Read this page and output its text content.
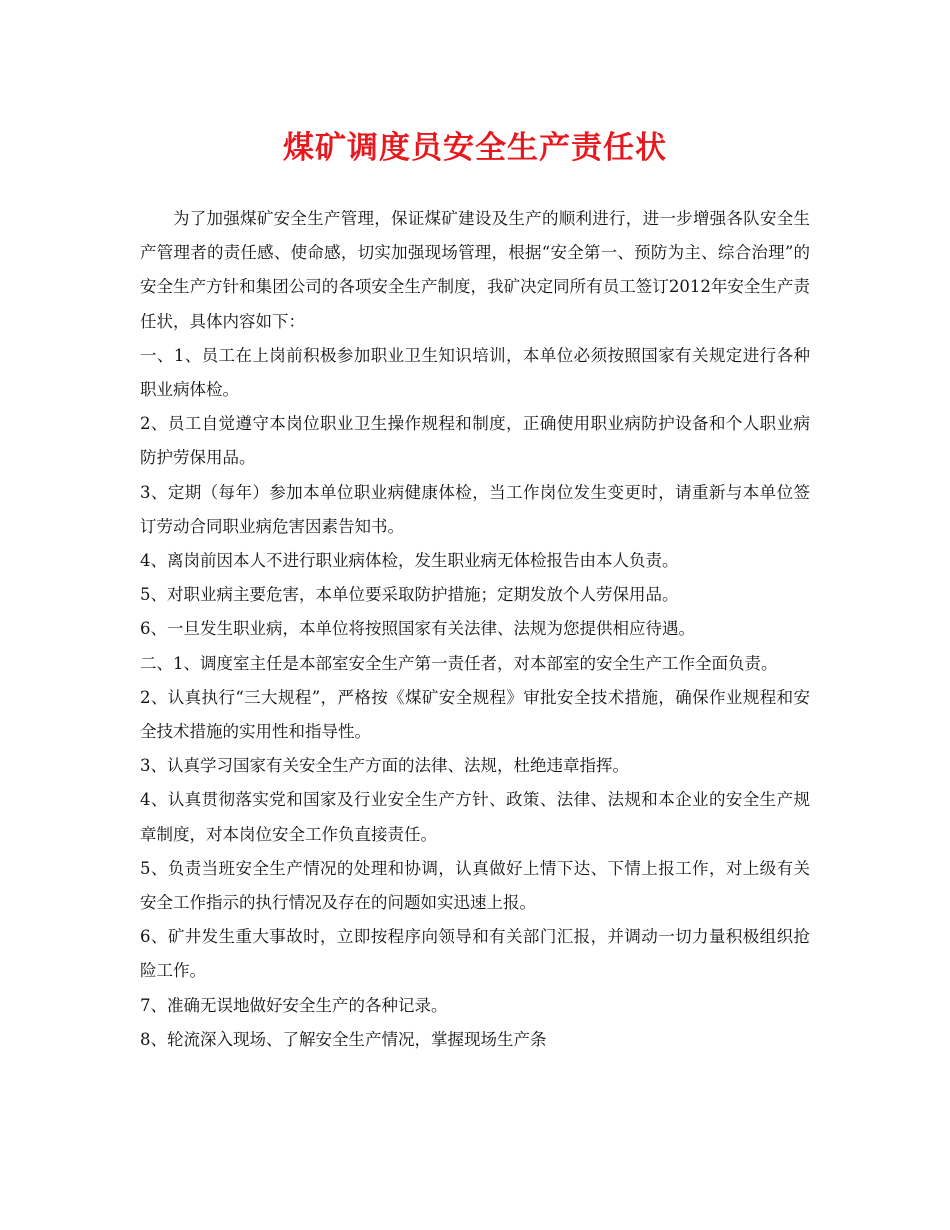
煤矿调度员安全生产责任状

为了加强煤矿安全生产管理，保证煤矿建设及生产的顺利进行，进一步增强各队安全生产管理者的责任感、使命感，切实加强现场管理，根据“安全第一、预防为主、综合治理”的安全生产方针和集团公司的各项安全生产制度，我矿决定同所有员工签订2012年安全生产责任状，具体内容如下：

一、1、员工在上岗前积极参加职业卫生知识培训，本单位必须按照国家有关规定进行各种职业病体检。

2、员工自觉遵守本岗位职业卫生操作规程和制度，正确使用职业病防护设备和个人职业病防护劳保用品。

3、定期（每年）参加本单位职业病健康体检，当工作岗位发生变更时，请重新与本单位签订劳动合同职业病危害因素告知书。

4、离岗前因本人不进行职业病体检，发生职业病无体检报告由本人负责。

5、对职业病主要危害，本单位要采取防护措施；定期发放个人劳保用品。

6、一旦发生职业病，本单位将按照国家有关法律、法规为您提供相应待遇。

二、1、调度室主任是本部室安全生产第一责任者，对本部室的安全生产工作全面负责。

2、认真执行“三大规程”，严格按《煤矿安全规程》审批安全技术措施，确保作业规程和安全技术措施的实用性和指导性。

3、认真学习国家有关安全生产方面的法律、法规，杜绝违章指挥。

4、认真贯彻落实党和国家及行业安全生产方针、政策、法律、法规和本企业的安全生产规章制度，对本岗位安全工作负直接责任。

5、负责当班安全生产情况的处理和协调，认真做好上情下达、下情上报工作，对上级有关安全工作指示的执行情况及存在的问题如实迅速上报。

6、矿井发生重大事故时，立即按程序向领导和有关部门汇报，并调动一切力量积极组织抢险工作。

7、准确无误地做好安全生产的各种记录。

8、轮流深入现场、了解安全生产情况，掌握现场生产条
